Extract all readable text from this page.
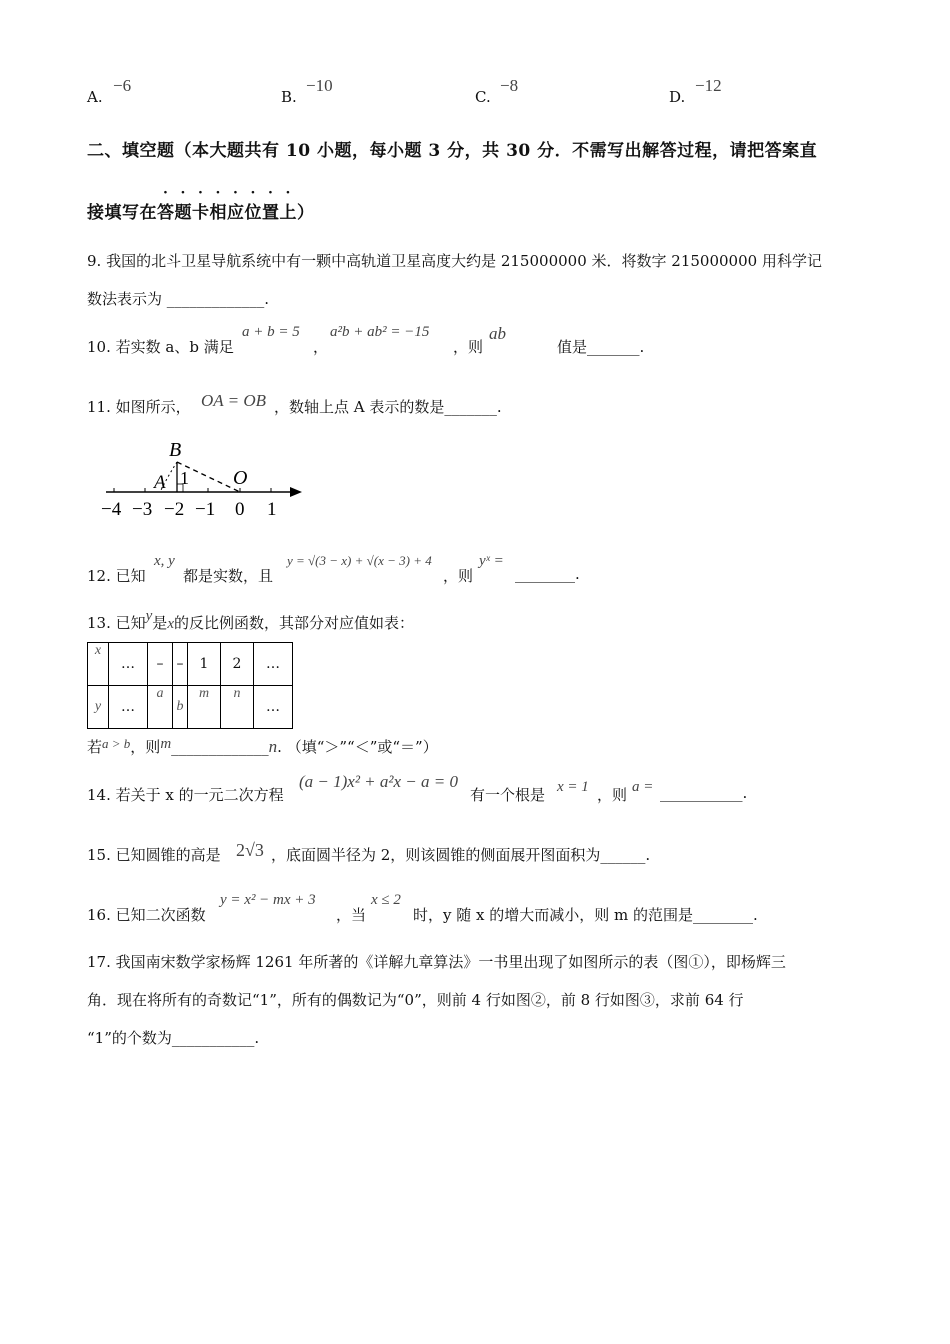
A.
−6
B.
−10
C.
−8
D.
−12
二、填空题（本大题共有 10 小题，每小题 3 分，共 30 分．不需写出解答过程，请把答案直
接填写在答题卡相应位置上）
9. 我国的北斗卫星导航系统中有一颗中高轨道卫星高度大约是 215000000 米．将数字 215000000 用科学记
数法表示为 _____________.
10. 若实数 a、b 满足
a + b = 5
，
a²b + ab² = −15
，则
ab
值是_______.
11. 如图所示， OA = OB ，数轴上点 A 表示的数是_______.
B
A 1 O
−4 −3 −2 −1 0 1
12. 已知
x, y
都是实数，且
y = √(3 − x) + √(x − 3) + 4
，则
yˣ =
________.
13. 已知y是x的反比例函数，其部分对应值如表：
x	…	–	–	1	2	…
y	…	a	b	m	n	…
若a > b，则m_____________n. （填“＞”“＜”或“＝”）
14. 若关于 x 的一元二次方程
(a − 1)x² + a²x − a = 0
有一个根是 x = 1 ，则 a = ___________.
15. 已知圆锥的高是 2√3 ，底面圆半径为 2，则该圆锥的侧面展开图面积为______.
16. 已知二次函数
y = x² − mx + 3
，当
x ≤ 2
时，y 随 x 的增大而减小，则 m 的范围是________.
17. 我国南宋数学家杨辉 1261 年所著的《详解九章算法》一书里出现了如图所示的表（图①），即杨辉三
角．现在将所有的奇数记“1”，所有的偶数记为“0”，则前 4 行如图②，前 8 行如图③，求前 64 行
“1”的个数为___________.
